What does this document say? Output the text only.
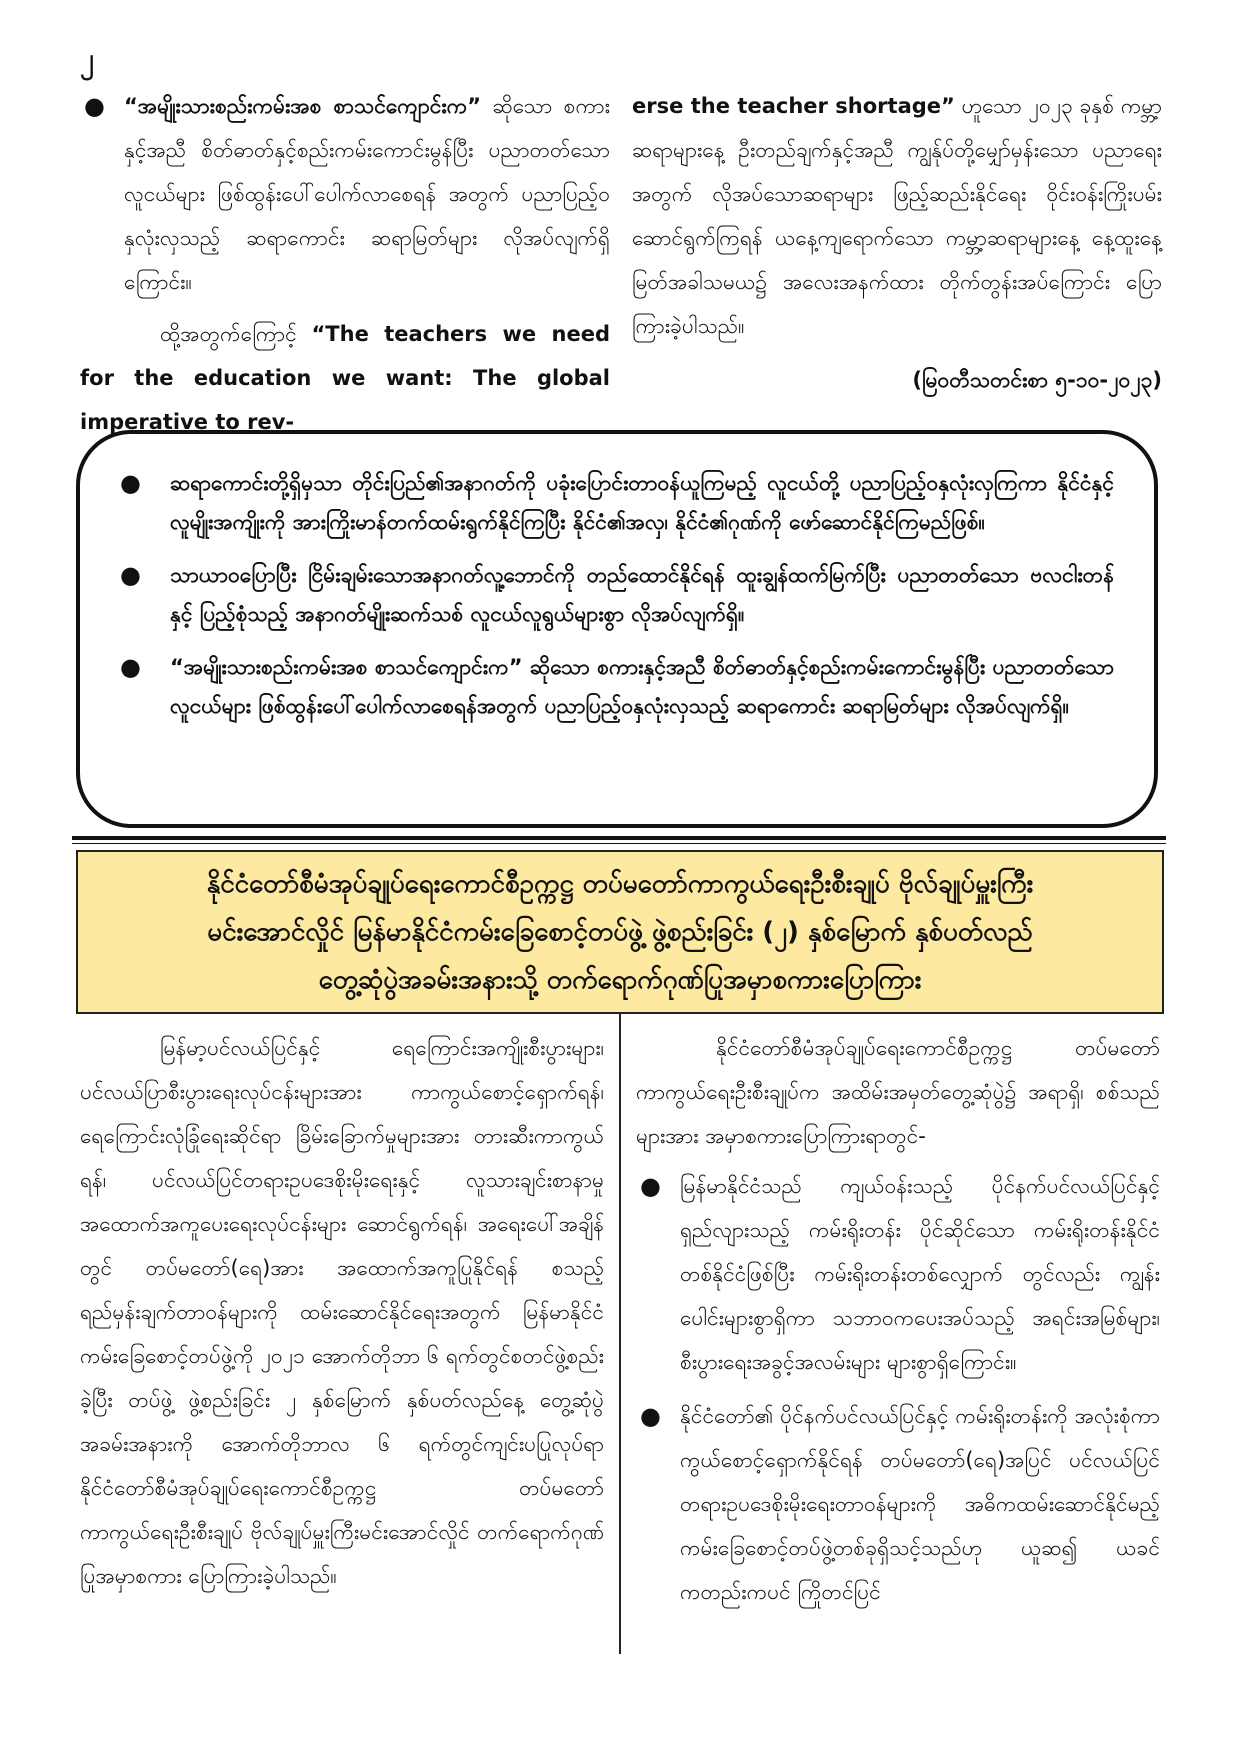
၂

● “အမျိုးသားစည်းကမ်းအစ စာသင်ကျောင်းက” ဆိုသော စကားနှင့်အညီ စိတ်ဓာတ်နှင့်စည်းကမ်းကောင်းမွန်ပြီး ပညာတတ်သောလူငယ်များ ဖြစ်ထွန်းပေါ်ပေါက်လာစေရန် အတွက် ပညာပြည့်ဝနှလုံးလှသည့် ဆရာကောင်း ဆရာမြတ်များ လိုအပ်လျက်ရှိကြောင်း။

ထို့အတွက်ကြောင့် “The teachers we need for the education we want: The global imperative to rev-

erse the teacher shortage” ဟူသော ၂၀၂၃ ခုနှစ် ကမ္ဘာ့ဆရာများနေ့ ဦးတည်ချက်နှင့်အညီ ကျွန်ုပ်တို့မျှော်မှန်းသော ပညာရေးအတွက် လိုအပ်သောဆရာများ ဖြည့်ဆည်းနိုင်ရေး ဝိုင်းဝန်းကြိုးပမ်းဆောင်ရွက်ကြရန် ယနေ့ကျရောက်သော ကမ္ဘာ့ဆရာများနေ့ နေ့ထူးနေ့မြတ်အခါသမယ၌ အလေးအနက်ထား တိုက်တွန်းအပ်ကြောင်း ပြောကြားခဲ့ပါသည်။

(မြဝတီသတင်းစာ ၅-၁၀-၂၀၂၃)

● ဆရာကောင်းတို့ရှိမှသာ တိုင်းပြည်၏အနာဂတ်ကို ပခုံးပြောင်းတာဝန်ယူကြမည့် လူငယ်တို့ ပညာပြည့်ဝနှလုံးလှကြကာ နိုင်ငံနှင့်လူမျိုးအကျိုးကို အားကြိုးမာန်တက်ထမ်းရွက်နိုင်ကြပြီး နိုင်ငံ၏အလှ၊ နိုင်ငံ၏ဂုဏ်ကို ဖော်ဆောင်နိုင်ကြမည်ဖြစ်။
● သာယာဝပြောပြီး ငြိမ်းချမ်းသောအနာဂတ်လူ့ဘောင်ကို တည်ထောင်နိုင်ရန် ထူးချွန်ထက်မြက်ပြီး ပညာတတ်သော ဗလငါးတန်နှင့် ပြည့်စုံသည့် အနာဂတ်မျိုးဆက်သစ် လူငယ်လူရွယ်များစွာ လိုအပ်လျက်ရှိ။
● “အမျိုးသားစည်းကမ်းအစ စာသင်ကျောင်းက” ဆိုသော စကားနှင့်အညီ စိတ်ဓာတ်နှင့်စည်းကမ်းကောင်းမွန်ပြီး ပညာတတ်သောလူငယ်များ ဖြစ်ထွန်းပေါ်ပေါက်လာစေရန်အတွက် ပညာပြည့်ဝနှလုံးလှသည့် ဆရာကောင်း ဆရာမြတ်များ လိုအပ်လျက်ရှိ။
နိုင်ငံတော်စီမံအုပ်ချုပ်ရေးကောင်စီဥက္ကဋ္ဌ တပ်မတော်ကာကွယ်ရေးဦးစီးချုပ် ဗိုလ်ချုပ်မှူးကြီး
မင်းအောင်လှိုင် မြန်မာနိုင်ငံကမ်းခြေစောင့်တပ်ဖွဲ့ ဖွဲ့စည်းခြင်း (၂) နှစ်မြောက် နှစ်ပတ်လည်
တွေ့ဆုံပွဲအခမ်းအနားသို့ တက်ရောက်ဂုဏ်ပြုအမှာစကားပြောကြား

မြန်မာ့ပင်လယ်ပြင်နှင့် ရေကြောင်းအကျိုးစီးပွားများ၊ ပင်လယ်ပြာစီးပွားရေးလုပ်ငန်းများအား ကာကွယ်စောင့်ရှောက်ရန်၊ ရေကြောင်းလုံခြုံရေးဆိုင်ရာ ခြိမ်းခြောက်မှုများအား တားဆီးကာကွယ်ရန်၊ ပင်လယ်ပြင်တရားဥပဒေစိုးမိုးရေးနှင့် လူသားချင်းစာနာမှု အထောက်အကူပေးရေးလုပ်ငန်းများ ဆောင်ရွက်ရန်၊ အရေးပေါ်အချိန်တွင် တပ်မတော်(ရေ)အား အထောက်အကူပြုနိုင်ရန် စသည့် ရည်မှန်းချက်တာဝန်များကို ထမ်းဆောင်နိုင်ရေးအတွက် မြန်မာနိုင်ငံကမ်းခြေစောင့်တပ်ဖွဲ့ကို ၂၀၂၁ အောက်တိုဘာ ၆ ရက်တွင်စတင်ဖွဲ့စည်းခဲ့ပြီး တပ်ဖွဲ့ ဖွဲ့စည်းခြင်း ၂ နှစ်မြောက် နှစ်ပတ်လည်နေ့ တွေ့ဆုံပွဲအခမ်းအနားကို အောက်တိုဘာလ ၆ ရက်တွင်ကျင်းပပြုလုပ်ရာ နိုင်ငံတော်စီမံအုပ်ချုပ်ရေးကောင်စီဥက္ကဋ္ဌ တပ်မတော်ကာကွယ်ရေးဦးစီးချုပ် ဗိုလ်ချုပ်မှူးကြီးမင်းအောင်လှိုင် တက်ရောက်ဂုဏ်ပြုအမှာစကား ပြောကြားခဲ့ပါသည်။

နိုင်ငံတော်စီမံအုပ်ချုပ်ရေးကောင်စီဥက္ကဋ္ဌ တပ်မတော်ကာကွယ်ရေးဦးစီးချုပ်က အထိမ်းအမှတ်တွေ့ဆုံပွဲ၌ အရာရှိ၊ စစ်သည်များအား အမှာစကားပြောကြားရာတွင်-

● မြန်မာနိုင်ငံသည် ကျယ်ဝန်းသည့် ပိုင်နက်ပင်လယ်ပြင်နှင့် ရှည်လျားသည့် ကမ်းရိုးတန်း ပိုင်ဆိုင်သော ကမ်းရိုးတန်းနိုင်ငံတစ်နိုင်ငံဖြစ်ပြီး ကမ်းရိုးတန်းတစ်လျှောက် တွင်လည်း ကျွန်းပေါင်းများစွာရှိကာ သဘာဝကပေးအပ်သည့် အရင်းအမြစ်များ၊ စီးပွားရေးအခွင့်အလမ်းများ များစွာရှိကြောင်း။

● နိုင်ငံတော်၏ ပိုင်နက်ပင်လယ်ပြင်နှင့် ကမ်းရိုးတန်းကို အလုံးစုံကာကွယ်စောင့်ရှောက်နိုင်ရန် တပ်မတော်(ရေ)အပြင် ပင်လယ်ပြင်တရားဥပဒေစိုးမိုးရေးတာဝန်များကို အဓိကထမ်းဆောင်နိုင်မည့် ကမ်းခြေစောင့်တပ်ဖွဲ့တစ်ခုရှိသင့်သည်ဟု ယူဆ၍ ယခင်ကတည်းကပင် ကြိုတင်ပြင်
